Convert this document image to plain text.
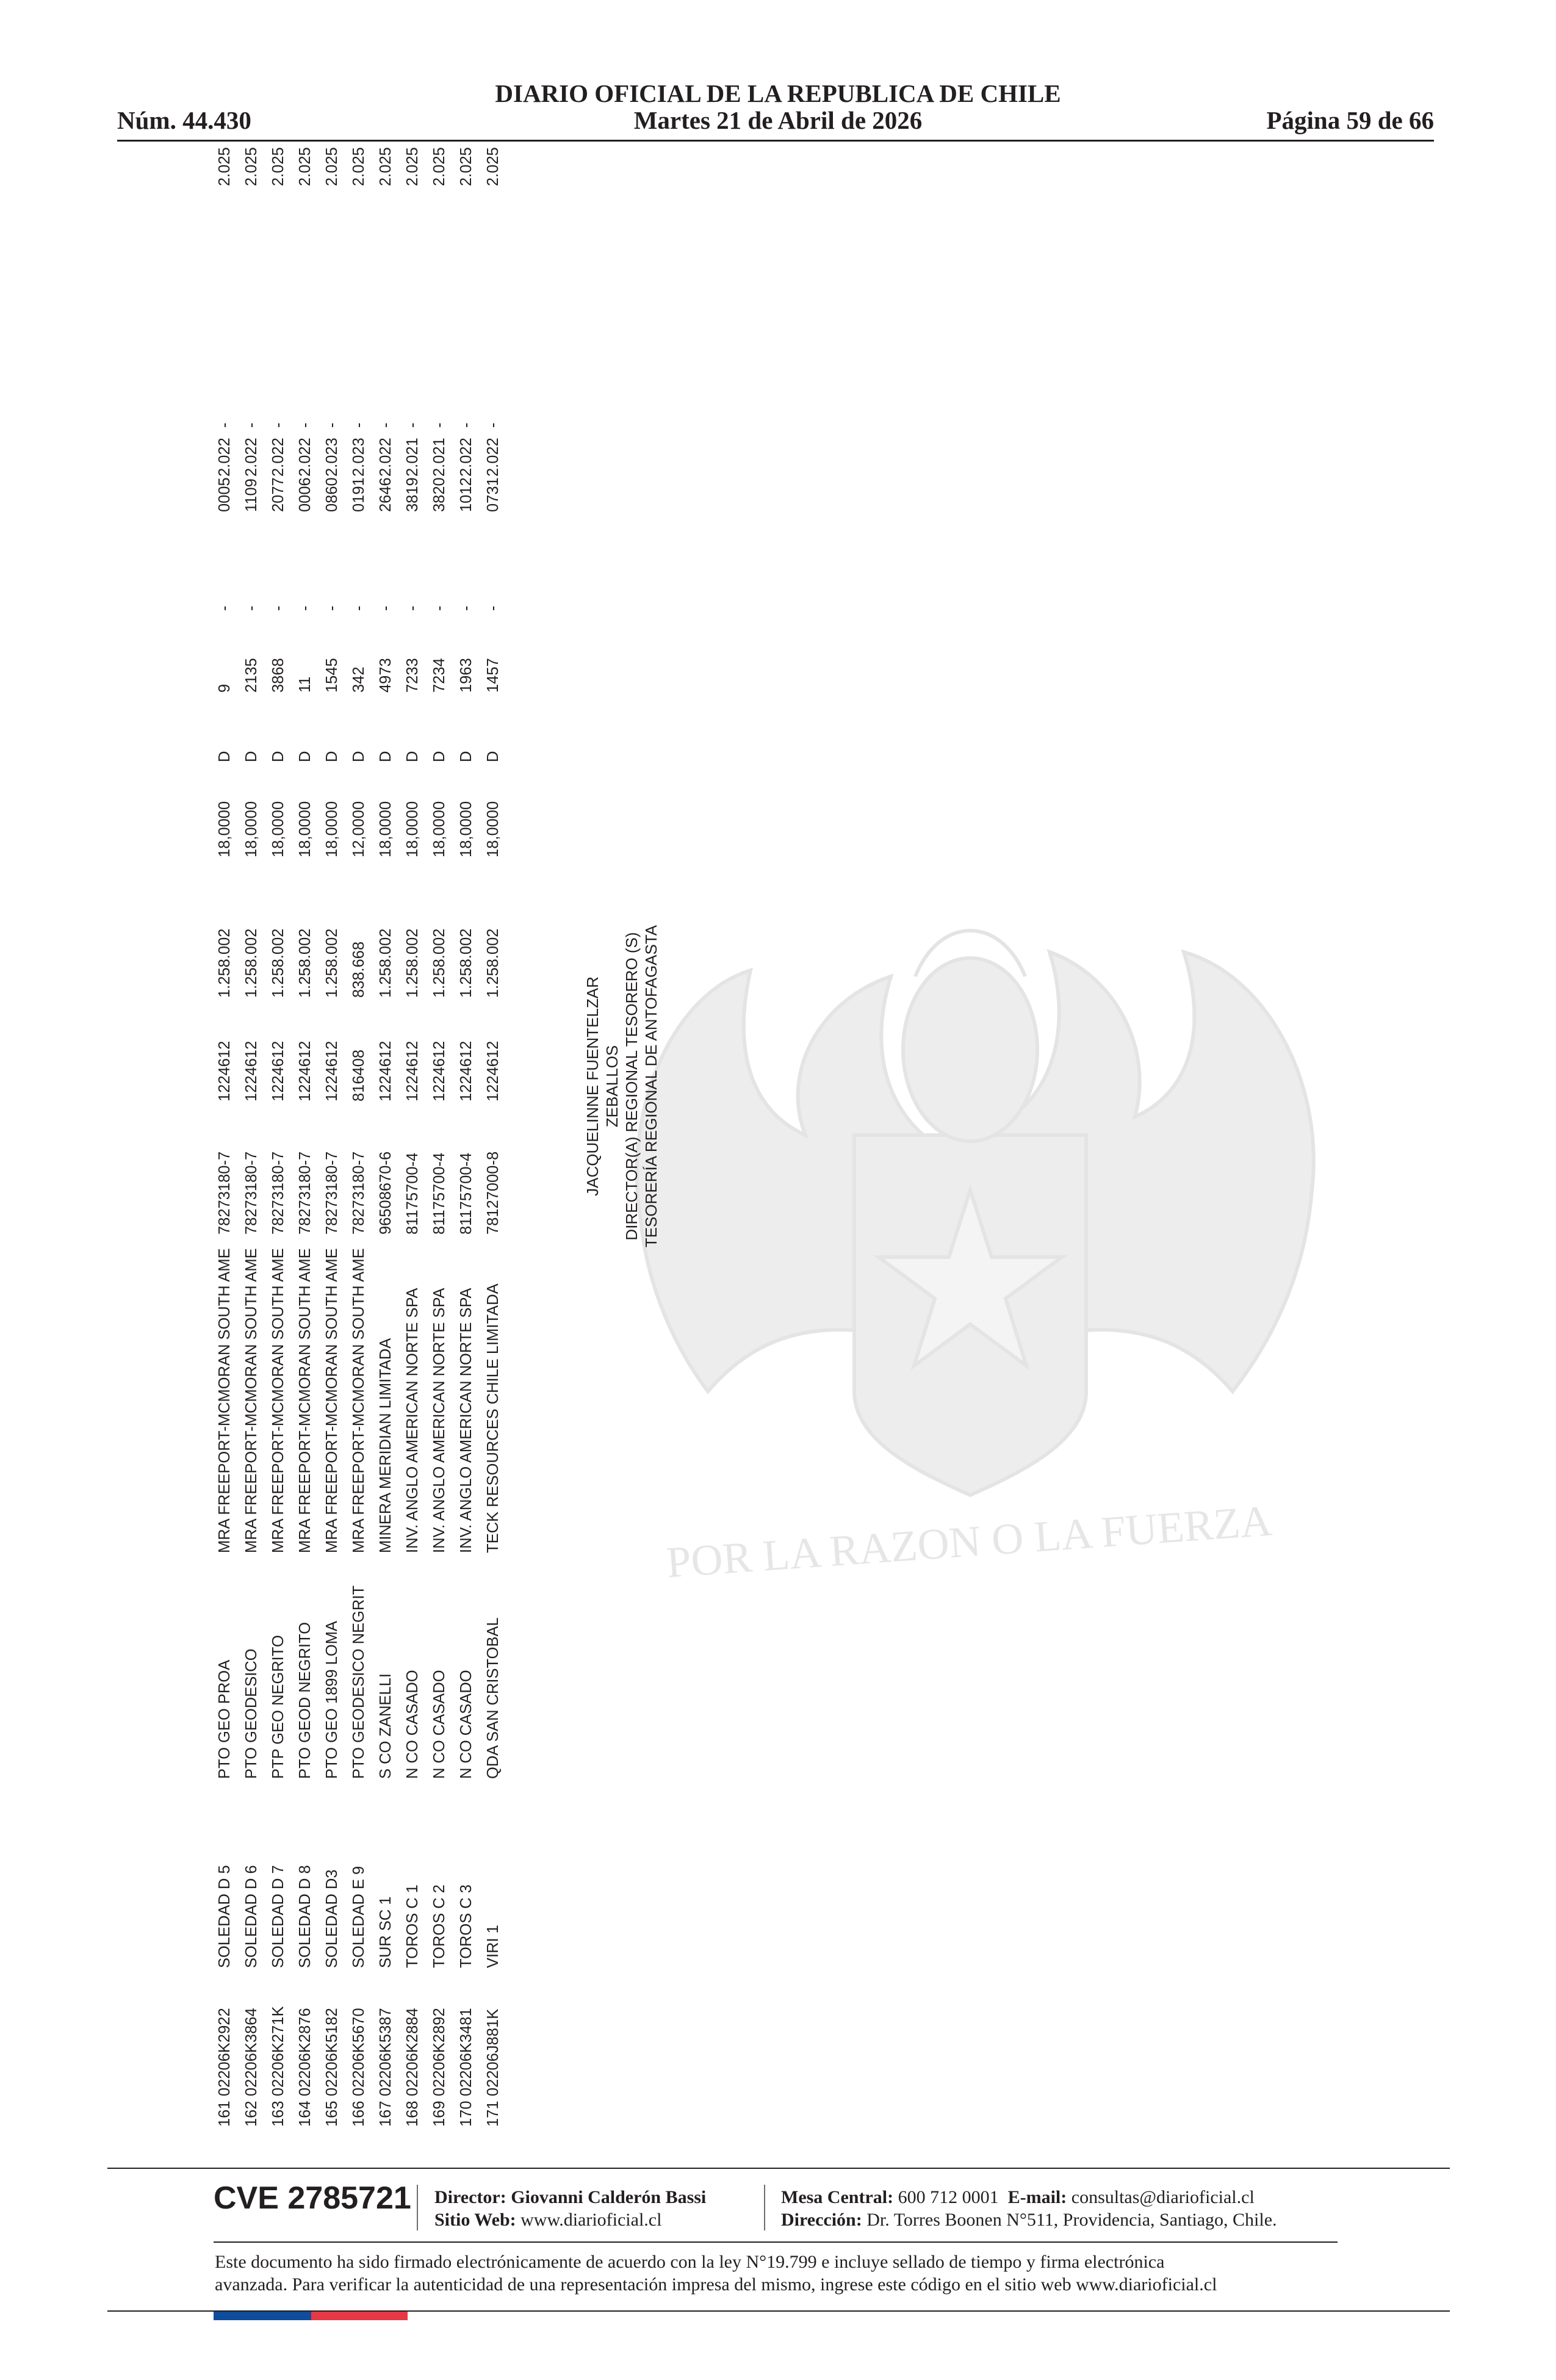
DIARIO OFICIAL DE LA REPUBLICA DE CHILE
Núm. 44.430	Martes 21 de Abril de 2026	Página 59 de 66
POR LA RAZON O LA FUERZA
161
02206K2922
SOLEDAD D 5
PTO GEO PROA
MRA FREEPORT-MCMORAN SOUTH AME
78273180-7
1224612
1.258.002
18,0000
D
9
-
0005
2.022
-
2.025
162
02206K3864
SOLEDAD D 6
PTO GEODESICO
MRA FREEPORT-MCMORAN SOUTH AME
78273180-7
1224612
1.258.002
18,0000
D
2135
-
1109
2.022
-
2.025
163
02206K271K
SOLEDAD D 7
PTP GEO NEGRITO
MRA FREEPORT-MCMORAN SOUTH AME
78273180-7
1224612
1.258.002
18,0000
D
3868
-
2077
2.022
-
2.025
164
02206K2876
SOLEDAD D 8
PTO GEOD NEGRITO
MRA FREEPORT-MCMORAN SOUTH AME
78273180-7
1224612
1.258.002
18,0000
D
11
-
0006
2.022
-
2.025
165
02206K5182
SOLEDAD D3
PTO GEO 1899 LOMA
MRA FREEPORT-MCMORAN SOUTH AME
78273180-7
1224612
1.258.002
18,0000
D
1545
-
0860
2.023
-
2.025
166
02206K5670
SOLEDAD E 9
PTO GEODESICO NEGRIT
MRA FREEPORT-MCMORAN SOUTH AME
78273180-7
816408
838.668
12,0000
D
342
-
0191
2.023
-
2.025
167
02206K5387
SUR SC 1
S CO ZANELLI
MINERA MERIDIAN LIMITADA
96508670-6
1224612
1.258.002
18,0000
D
4973
-
2646
2.022
-
2.025
168
02206K2884
TOROS C 1
N CO CASADO
INV. ANGLO AMERICAN NORTE SPA
81175700-4
1224612
1.258.002
18,0000
D
7233
-
3819
2.021
-
2.025
169
02206K2892
TOROS C 2
N CO CASADO
INV. ANGLO AMERICAN NORTE SPA
81175700-4
1224612
1.258.002
18,0000
D
7234
-
3820
2.021
-
2.025
170
02206K3481
TOROS C 3
N CO CASADO
INV. ANGLO AMERICAN NORTE SPA
81175700-4
1224612
1.258.002
18,0000
D
1963
-
1012
2.022
-
2.025
171
02206J881K
VIRI 1
QDA SAN CRISTOBAL
TECK RESOURCES CHILE LIMITADA
78127000-8
1224612
1.258.002
18,0000
D
1457
-
0731
2.022
-
2.025
JACQUELINNE FUENTELZAR ZEBALLOS DIRECTOR(A) REGIONAL TESORERO (S) TESORERÍA REGIONAL DE ANTOFAGASTA
CVE 2785721 Director: Giovanni Calderón Bassi
Sitio Web: www.diarioficial.cl
Mesa Central: 600 712 0001 E-mail: consultas@diarioficial.cl
Dirección: Dr. Torres Boonen N°511, Providencia, Santiago, Chile.
Este documento ha sido firmado electrónicamente de acuerdo con la ley N°19.799 e incluye sellado de tiempo y firma electrónica
avanzada. Para verificar la autenticidad de una representación impresa del mismo, ingrese este código en el sitio web www.diarioficial.cl
